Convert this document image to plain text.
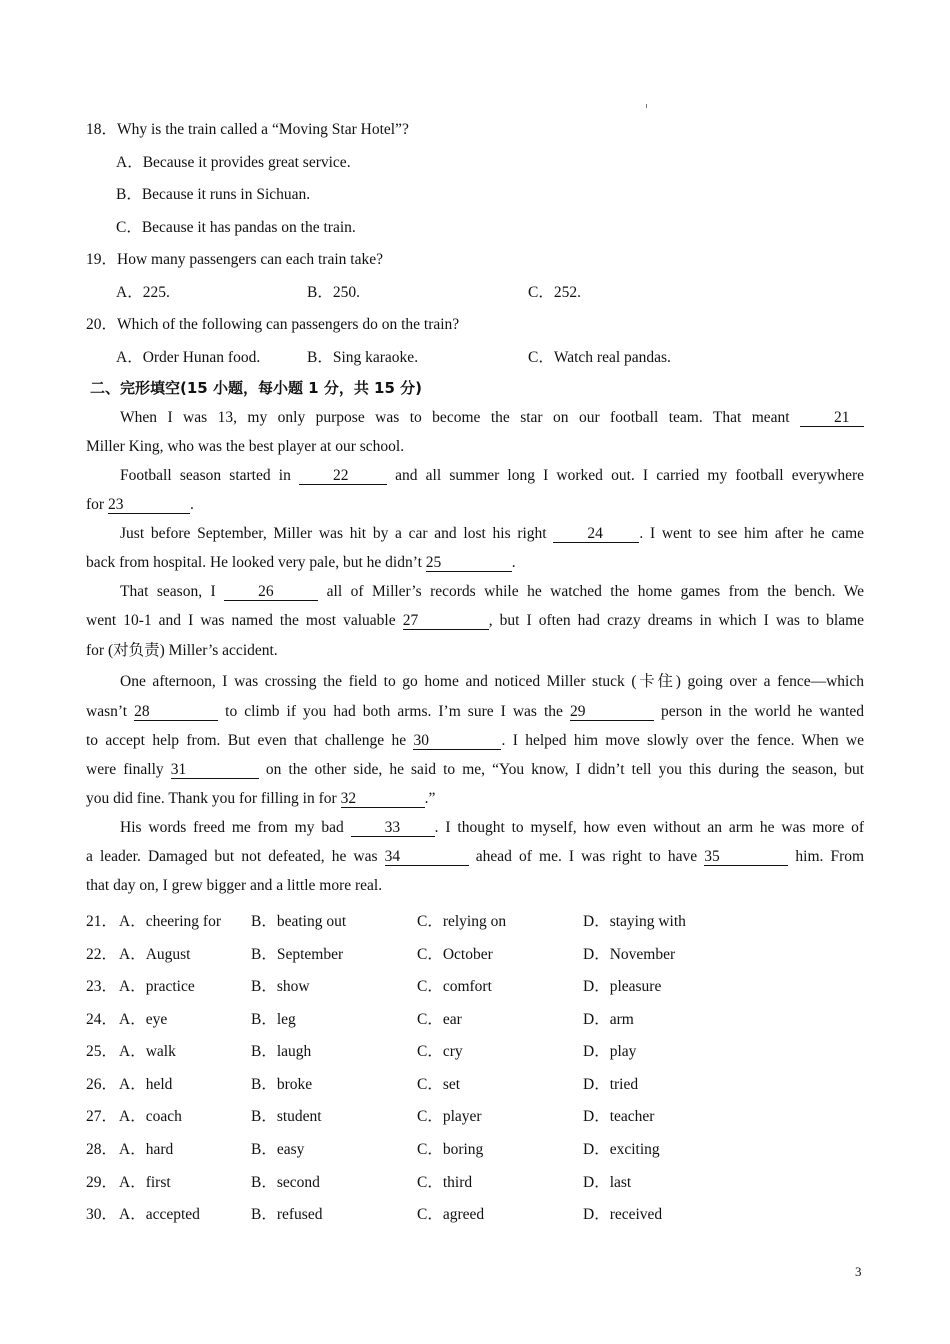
18．Why is the train called a “Moving Star Hotel”?
A．Because it provides great service.
B．Because it runs in Sichuan.
C．Because it has pandas on the train.
19．How many passengers can each train take?
A．225.	B．250.	C．252.
20．Which of the following can passengers do on the train?
A．Order Hunan food.	B．Sing karaoke.	C．Watch real pandas.
二、完形填空(15 小题，每小题 1 分，共 15 分)
When I was 13, my only purpose was to become the star on our football team. That meant	21
Miller King, who was the best player at our school.
Football season started in	22	and all summer long I worked out. I carried my football everywhere
for 23	.
Just before September, Miller was hit by a car and lost his right	24 . I went to see him after he came
back from hospital. He looked very pale, but he didn’t 25	.
That season, I	26	all of Miller’s records while he watched the home games from the bench. We
went 10-1 and I was named the most valuable 27	, but I often had crazy dreams in which I was to blame
for (对负责) Miller’s accident.
One afternoon, I was crossing the field to go home and noticed Miller stuck (卡住) going over a fence—which
wasn’t 28	to climb if you had both arms. I’m sure I was the 29	person in the world he wanted
to accept help from. But even that challenge he 30	. I helped him move slowly over the fence. When we
were finally 31	on the other side, he said to me, “You know, I didn’t tell you this during the season, but
you did fine. Thank you for filling in for 32	.”
His words freed me from my bad	33 . I thought to myself, how even without an arm he was more of
a leader. Damaged but not defeated, he was 34	ahead of me. I was right to have 35	him. From
that day on, I grew bigger and a little more real.
21． A．cheering for B．beating out	C．relying on	D．staying with
22． A．August	B．September	C．October	D．November
23． A．practice	B．show	C．comfort	D．pleasure
24． A．eye	B．leg	C．ear	D．arm
25． A．walk	B．laugh	C．cry	D．play
26． A．held	B．broke	C．set	D．tried
27． A．coach	B．student	C．player	D．teacher
28． A．hard	B．easy	C．boring	D．exciting
29． A．first	B．second	C．third	D．last
30． A．accepted	B．refused	C．agreed	D．received
3
